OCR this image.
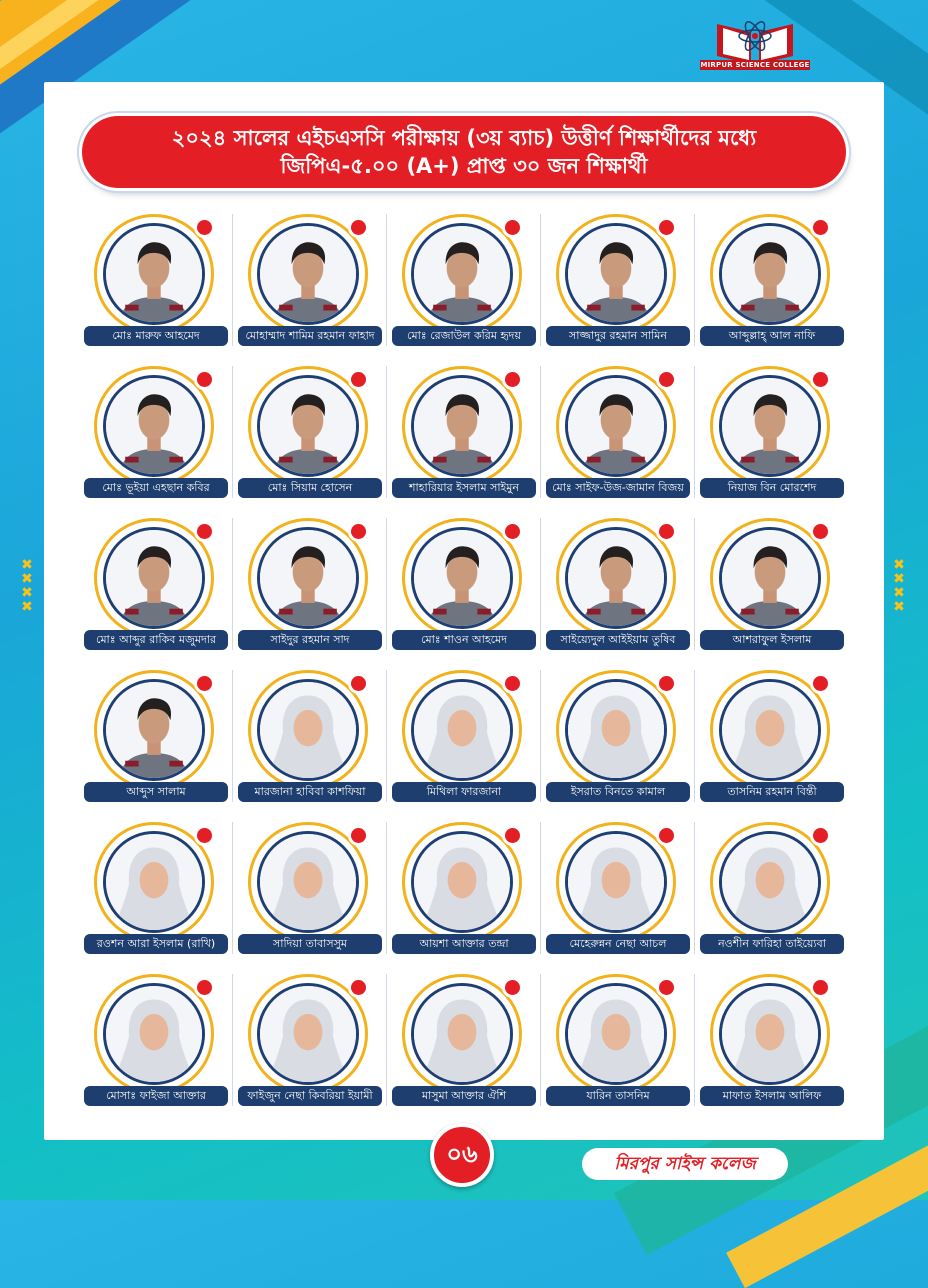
MIRPUR SCIENCE COLLEGE
২০২৪ সালের এইচএসসি পরীক্ষায় (৩য় ব্যাচ) উত্তীর্ণ শিক্ষার্থীদের মধ্যে
জিপিএ-৫.০০ (A+) প্রাপ্ত ৩০ জন শিক্ষার্থী
মোঃ মারুফ আহমেদ	মোহাম্মাদ শামিম রহমান ফাহাদ	মোঃ রেজাউল করিম হৃদয়	সাজ্জাদুর রহমান সামিন	আব্দুল্লাহ্ আল নাফি
মোঃ ভূইয়া এহছান কবির	মোঃ সিয়াম হোসেন	শাহারিয়ার ইসলাম সাইমুন	মোঃ সাইফ-উজ-জামান বিজয়	নিয়াজ বিন মোরশেদ
মোঃ আব্দুর রাকিব মজুমদার	সাইদুর রহমান সাদ	মোঃ শাওন আহমেদ	সাইয়্যেদুল আইইয়াম তুষিব	আশরাফুল ইসলাম
আব্দুস সালাম	মারজানা হাবিবা কাশফিয়া	মিথিলা ফারজানা	ইসরাত বিনতে কামাল	তাসনিম রহমান বিন্তী
রওশন আরা ইসলাম (রাখি)	সাদিয়া তাবাসসুম	আয়শা আক্তার তন্দ্রা	মেহেরুন্নন নেছা আচল	নওশীন ফারিহা তাইয়্যেবা
মোসাঃ ফাইজা আক্তার	ফাইজুন নেছা কিবরিয়া ইয়ামী	মাসুমা আক্তার ঐশি	যারিন তাসনিম	মাফাত ইসলাম আলিফ
✖
✖
✖
✖
✖
✖
✖
✖
০৬	মিরপুর সাইন্স কলেজ
